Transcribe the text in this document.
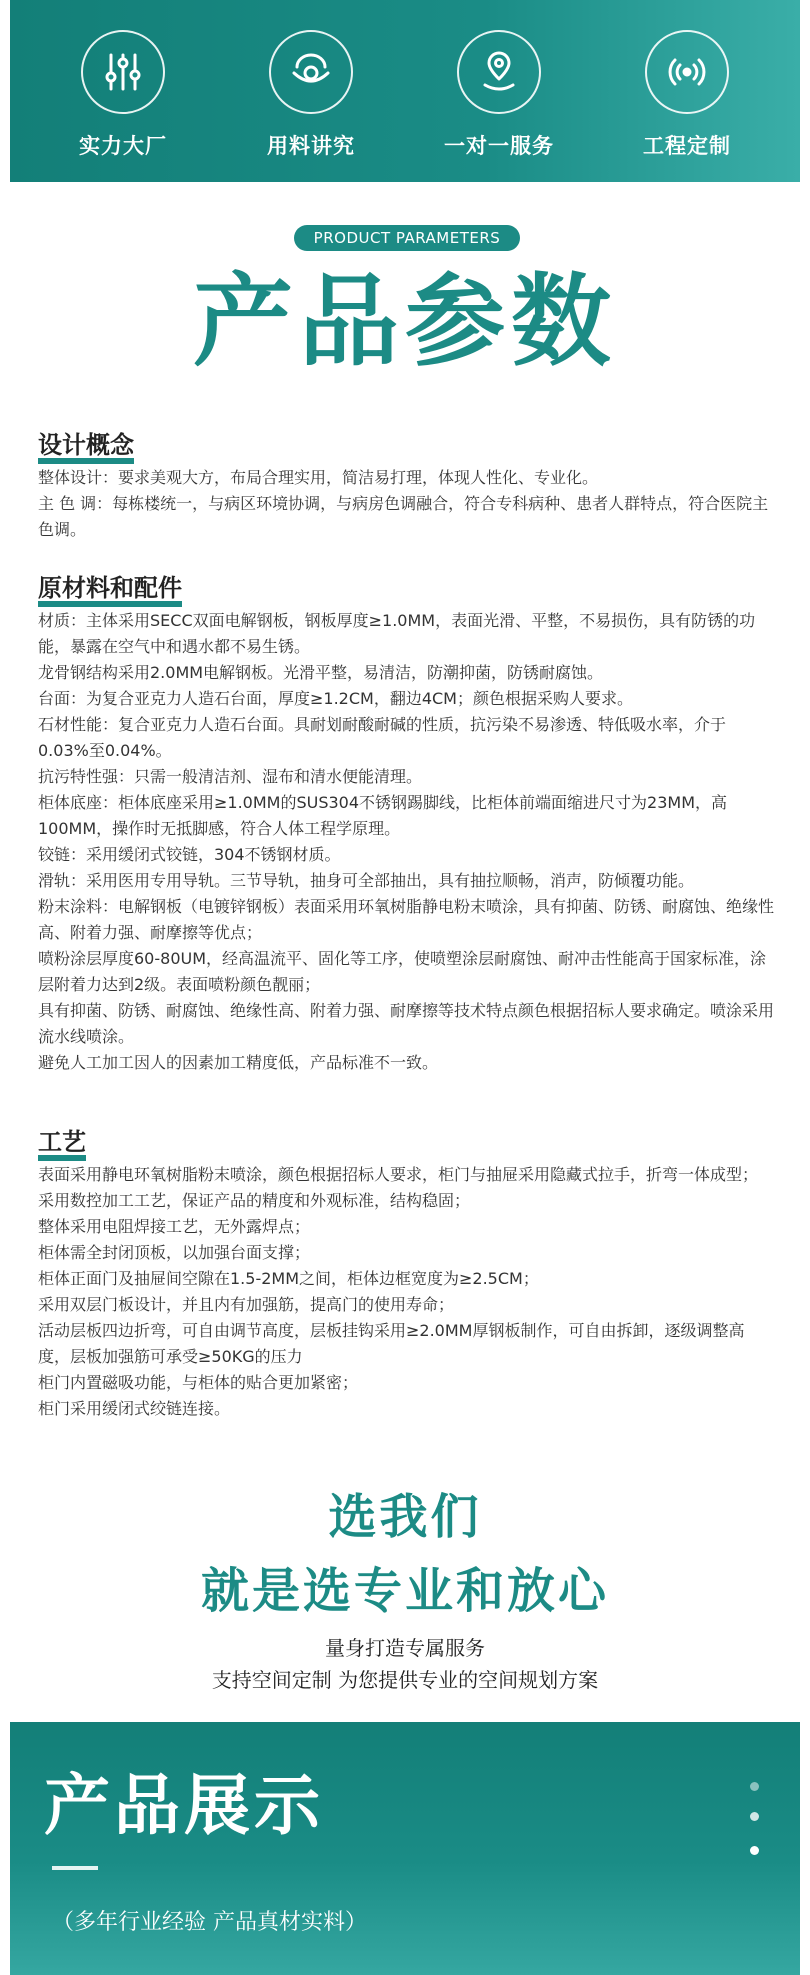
实力大厂	用料讲究	一对一服务	工程定制
PRODUCT PARAMETERS
产品参数
设计概念

整体设计：要求美观大方，布局合理实用，简洁易打理，体现人性化、专业化。

主 色 调：每栋楼统一，与病区环境协调，与病房色调融合，符合专科病种、患者人群特点，符合医院主色调。

原材料和配件

材质：主体采用SECC双面电解钢板，钢板厚度≥1.0MM，表面光滑、平整，不易损伤，具有防锈的功能，暴露在空气中和遇水都不易生锈。

龙骨钢结构采用2.0MM电解钢板。光滑平整，易清洁，防潮抑菌，防锈耐腐蚀。

台面：为复合亚克力人造石台面，厚度≥1.2CM，翻边4CM；颜色根据采购人要求。

石材性能：复合亚克力人造石台面。具耐划耐酸耐碱的性质，抗污染不易渗透、特低吸水率，介于0.03%至0.04%。

抗污特性强：只需一般清洁剂、湿布和清水便能清理。

柜体底座：柜体底座采用≥1.0MM的SUS304不锈钢踢脚线，比柜体前端面缩进尺寸为23MM，高100MM，操作时无抵脚感，符合人体工程学原理。

铰链：采用缓闭式铰链，304不锈钢材质。

滑轨：采用医用专用导轨。三节导轨，抽身可全部抽出，具有抽拉顺畅，消声，防倾覆功能。

粉末涂料：电解钢板（电镀锌钢板）表面采用环氧树脂静电粉末喷涂，具有抑菌、防锈、耐腐蚀、绝缘性高、附着力强、耐摩擦等优点；

喷粉涂层厚度60-80UM，经高温流平、固化等工序，使喷塑涂层耐腐蚀、耐冲击性能高于国家标准，涂层附着力达到2级。表面喷粉颜色靓丽；

具有抑菌、防锈、耐腐蚀、绝缘性高、附着力强、耐摩擦等技术特点颜色根据招标人要求确定。喷涂采用流水线喷涂。

避免人工加工因人的因素加工精度低，产品标准不一致。

工艺

表面采用静电环氧树脂粉末喷涂，颜色根据招标人要求，柜门与抽屉采用隐藏式拉手，折弯一体成型；

采用数控加工工艺，保证产品的精度和外观标准，结构稳固；

整体采用电阻焊接工艺，无外露焊点；

柜体需全封闭顶板，以加强台面支撑；

柜体正面门及抽屉间空隙在1.5-2MM之间，柜体边框宽度为≥2.5CM；

采用双层门板设计，并且内有加强筋，提高门的使用寿命；

活动层板四边折弯，可自由调节高度，层板挂钩采用≥2.0MM厚钢板制作，可自由拆卸，逐级调整高度，层板加强筋可承受≥50KG的压力

柜门内置磁吸功能，与柜体的贴合更加紧密；

柜门采用缓闭式绞链连接。

选我们
就是选专业和放心
量身打造专属服务
支持空间定制 为您提供专业的空间规划方案
产品展示
（多年行业经验 产品真材实料）
